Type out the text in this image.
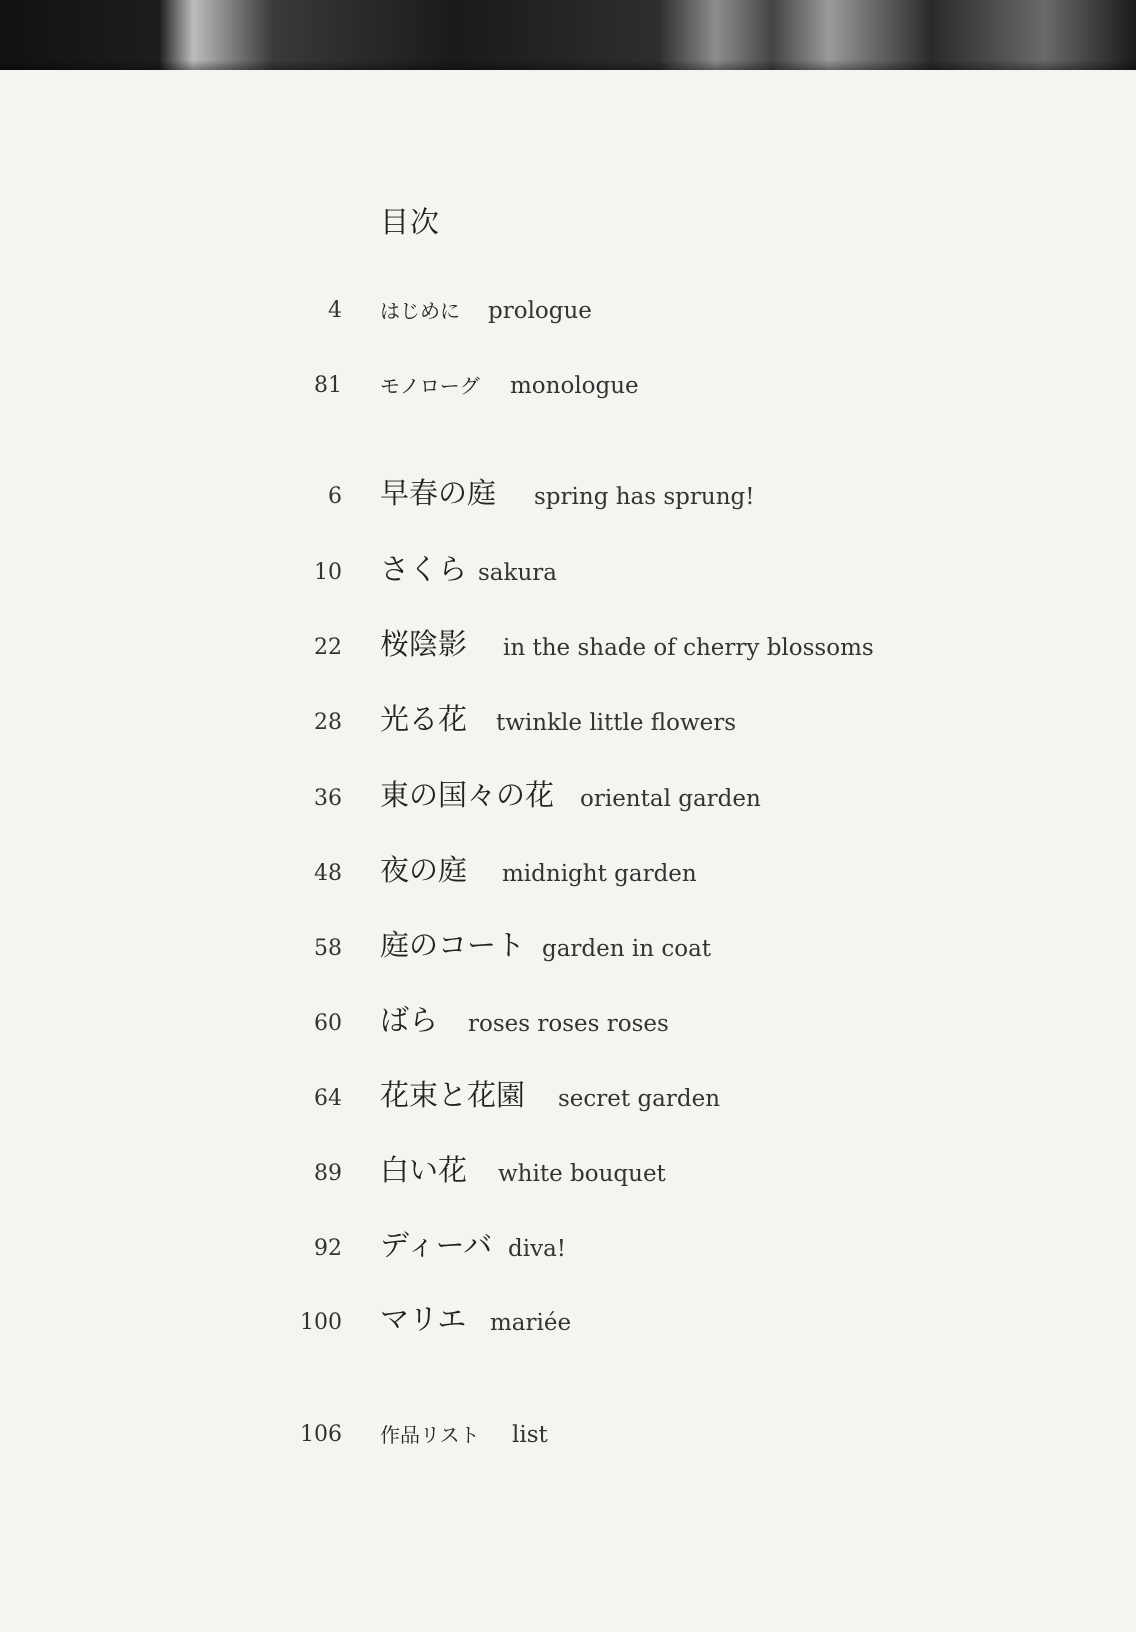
目次
4 はじめに prologue
81 モノローグ monologue
6 早春の庭 spring has sprung!
10 さくら sakura
22 桜陰影 in the shade of cherry blossoms
28 光る花 twinkle little flowers
36 東の国々の花 oriental garden
48 夜の庭 midnight garden
58 庭のコート garden in coat
60 ばら roses roses roses
64 花束と花園 secret garden
89 白い花 white bouquet
92 ディーバ diva!
100 マリエ mariée
106 作品リスト list
